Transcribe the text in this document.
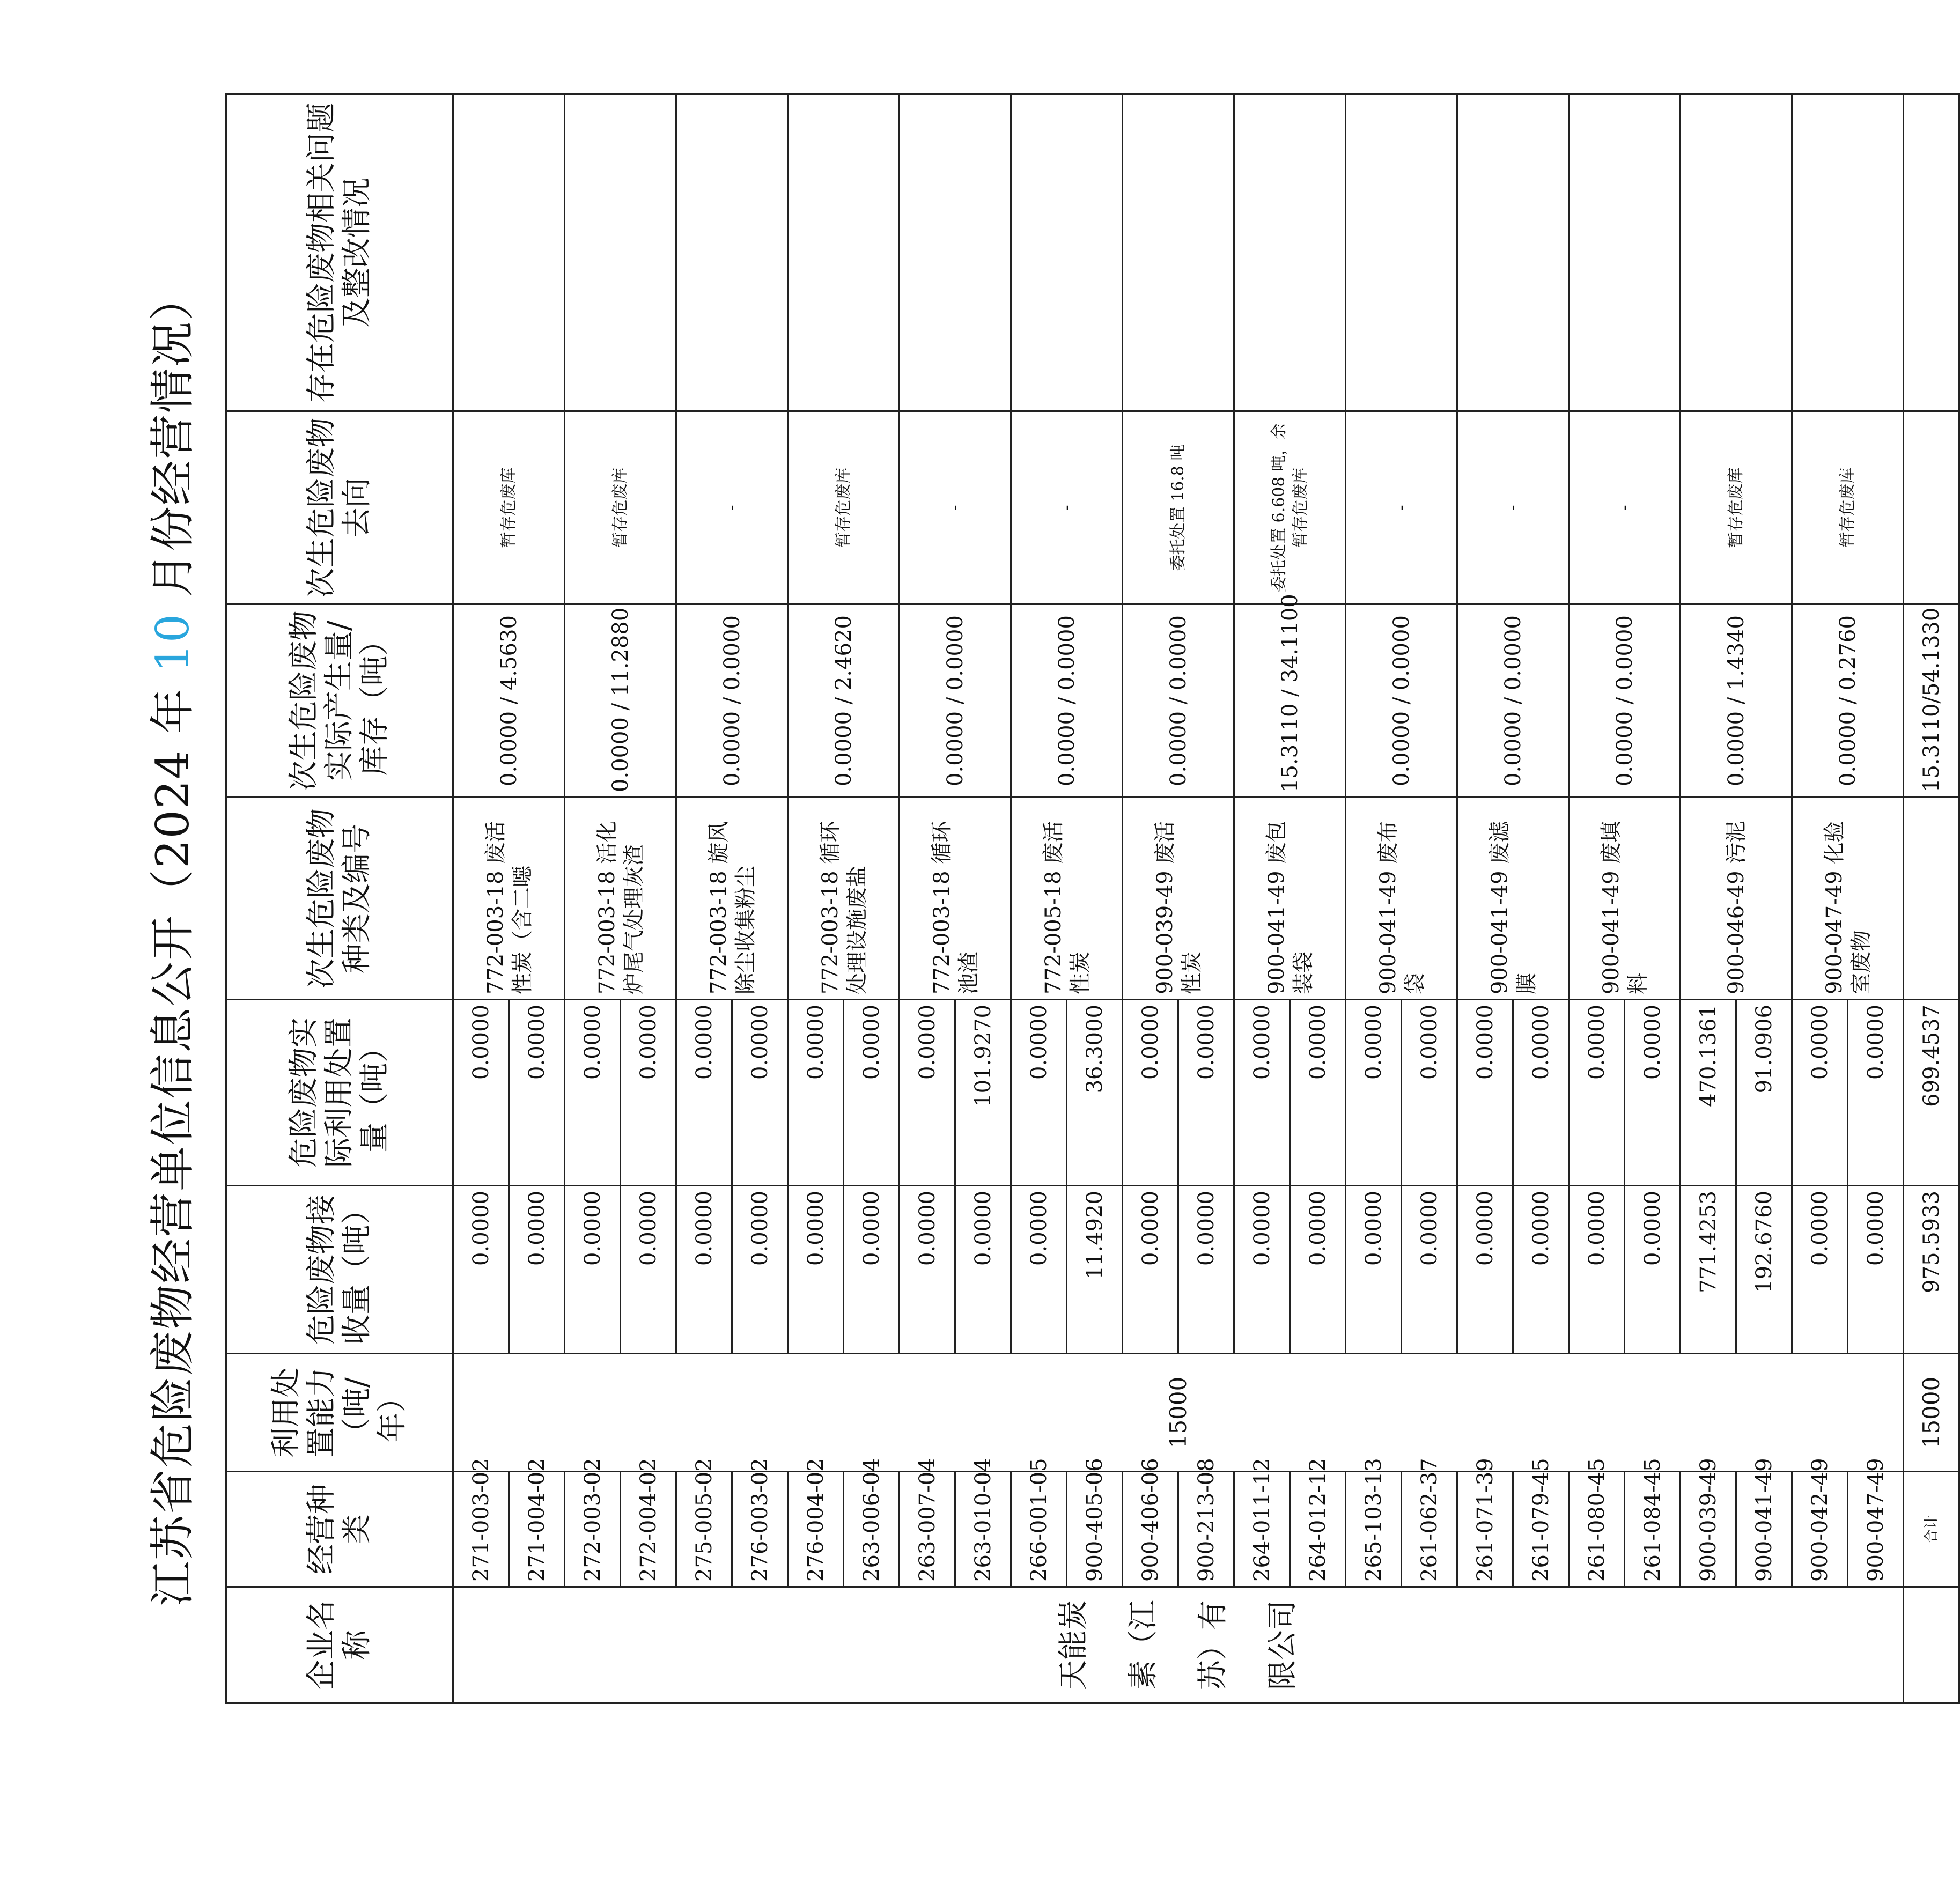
江苏省危险废物经营单位信息公开（2024 年 10 月份经营情况）
企业名称	经营种类	利用处置能力（吨/年）	危险废物接收量（吨）	危险废物实际利用处置量（吨）	次生危险废物种类及编号	次生危险废物实际产生量/库存（吨）	次生危险废物去向	存在危险废物相关问题及整改情况
天能炭素（江苏）有限公司	271-003-02	15000	0.0000	0.0000	772-003-18 废活性炭（含二噁	0.0000 / 4.5630	暂存危废库	
	271-004-02		0.0000	0.0000				
	272-003-02		0.0000	0.0000	772-003-18 活化炉尾气处理灰渣	0.0000 / 11.2880	暂存危废库	
	272-004-02		0.0000	0.0000				
	275-005-02		0.0000	0.0000	772-003-18 旋风除尘收集粉尘	0.0000 / 0.0000	-	
	276-003-02		0.0000	0.0000				
	276-004-02		0.0000	0.0000	772-003-18 循环处理设施废盐	0.0000 / 2.4620	暂存危废库	
	263-006-04		0.0000	0.0000				
	263-007-04		0.0000	0.0000	772-003-18 循环池渣	0.0000 / 0.0000	-	
	263-010-04		0.0000	101.9270				
	266-001-05		0.0000	0.0000	772-005-18 废活性炭	0.0000 / 0.0000	-	
	900-405-06		11.4920	36.3000				
	900-406-06		0.0000	0.0000	900-039-49 废活性炭	0.0000 / 0.0000	委托处置 16.8 吨	
	900-213-08		0.0000	0.0000				
	264-011-12		0.0000	0.0000	900-041-49 废包装袋	15.3110 / 34.1100	委托处置 6.608 吨，余暂存危废库	
	264-012-12		0.0000	0.0000				
	265-103-13		0.0000	0.0000	900-041-49 废布袋	0.0000 / 0.0000	-	
	261-062-37		0.0000	0.0000				
	261-071-39		0.0000	0.0000	900-041-49 废滤膜	0.0000 / 0.0000	-	
	261-079-45		0.0000	0.0000				
	261-080-45		0.0000	0.0000	900-041-49 废填料	0.0000 / 0.0000	-	
	261-084-45		0.0000	0.0000				
	900-039-49		771.4253	470.1361	900-046-49 污泥	0.0000 / 1.4340	暂存危废库	
	900-041-49		192.6760	91.0906				
	900-042-49		0.0000	0.0000	900-047-49 化验室废物	0.0000 / 0.2760	暂存危废库	
	900-047-49		0.0000	0.0000				
	合计	15000	975.5933	699.4537		15.3110/54.1330		
